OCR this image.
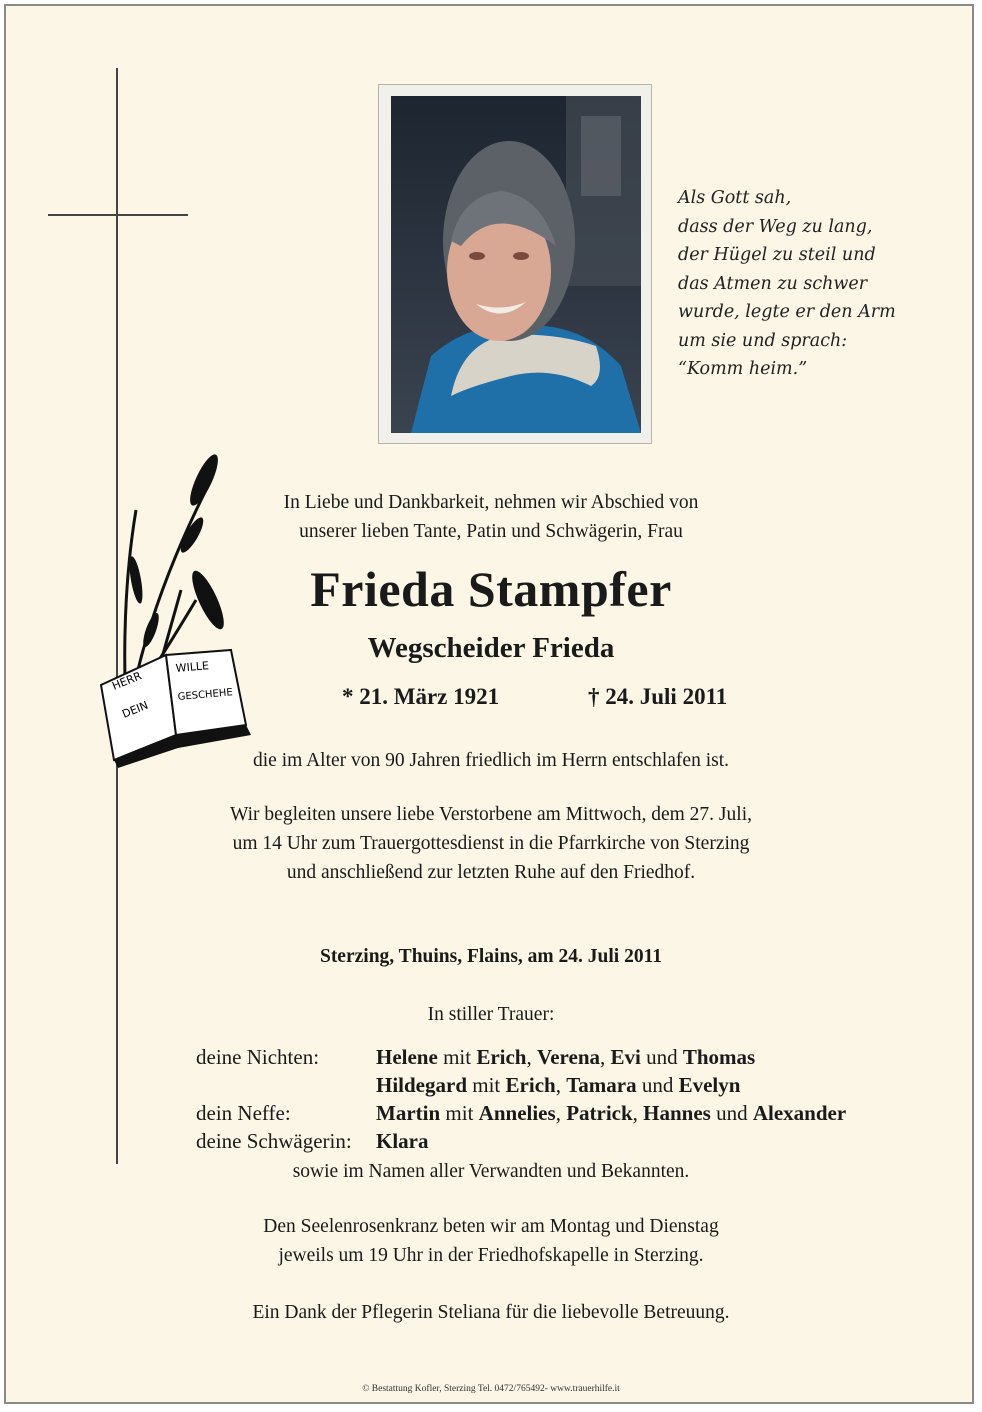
Als Gott sah,
dass der Weg zu lang,
der Hügel zu steil und
das Atmen zu schwer
wurde, legte er den Arm
um sie und sprach:
“Komm heim.”
HERR
DEIN
WILLE
GESCHEHE
In Liebe und Dankbarkeit, nehmen wir Abschied von
unserer lieben Tante, Patin und Schwägerin, Frau
Frieda Stampfer
Wegscheider Frieda
* 21. März 1921	† 24. Juli 2011
die im Alter von 90 Jahren friedlich im Herrn entschlafen ist.
Wir begleiten unsere liebe Verstorbene am Mittwoch, dem 27. Juli,
um 14 Uhr zum Trauergottesdienst in die Pfarrkirche von Sterzing
und anschließend zur letzten Ruhe auf den Friedhof.
Sterzing, Thuins, Flains, am 24. Juli 2011
In stiller Trauer:
deine Nichten:	Helene mit Erich, Verena, Evi und Thomas
Hildegard mit Erich, Tamara und Evelyn
dein Neffe:	Martin mit Annelies, Patrick, Hannes und Alexander
deine Schwägerin: Klara
sowie im Namen aller Verwandten und Bekannten.
Den Seelenrosenkranz beten wir am Montag und Dienstag
jeweils um 19 Uhr in der Friedhofskapelle in Sterzing.
Ein Dank der Pflegerin Steliana für die liebevolle Betreuung.
© Bestattung Kofler, Sterzing Tel. 0472/765492- www.trauerhilfe.it
